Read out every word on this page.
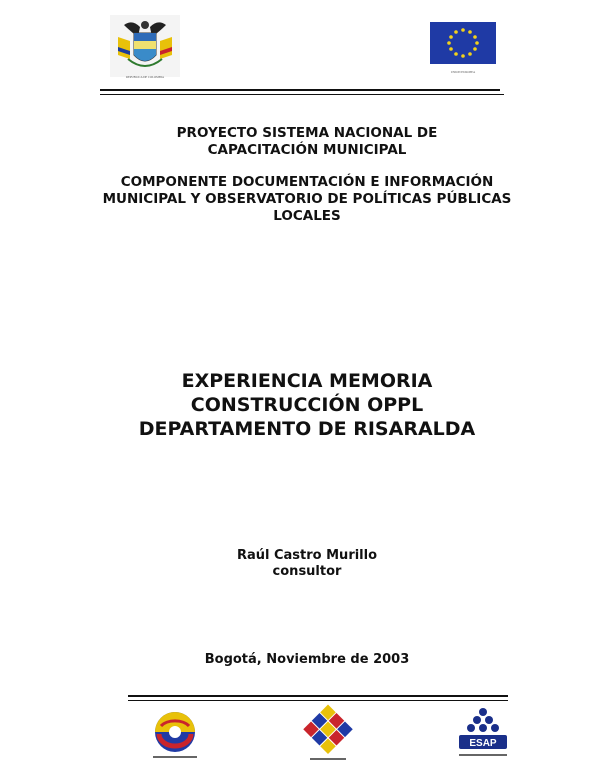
REPUBLICA DE COLOMBIA
UNION EUROPEA
PROYECTO SISTEMA NACIONAL DE
CAPACITACIÓN MUNICIPAL
COMPONENTE DOCUMENTACIÓN E INFORMACIÓN
MUNICIPAL Y OBSERVATORIO DE POLÍTICAS PÚBLICAS
LOCALES
EXPERIENCIA MEMORIA
CONSTRUCCIÓN OPPL
DEPARTAMENTO DE RISARALDA
Raúl Castro Murillo
consultor
Bogotá, Noviembre de 2003
ESAP
